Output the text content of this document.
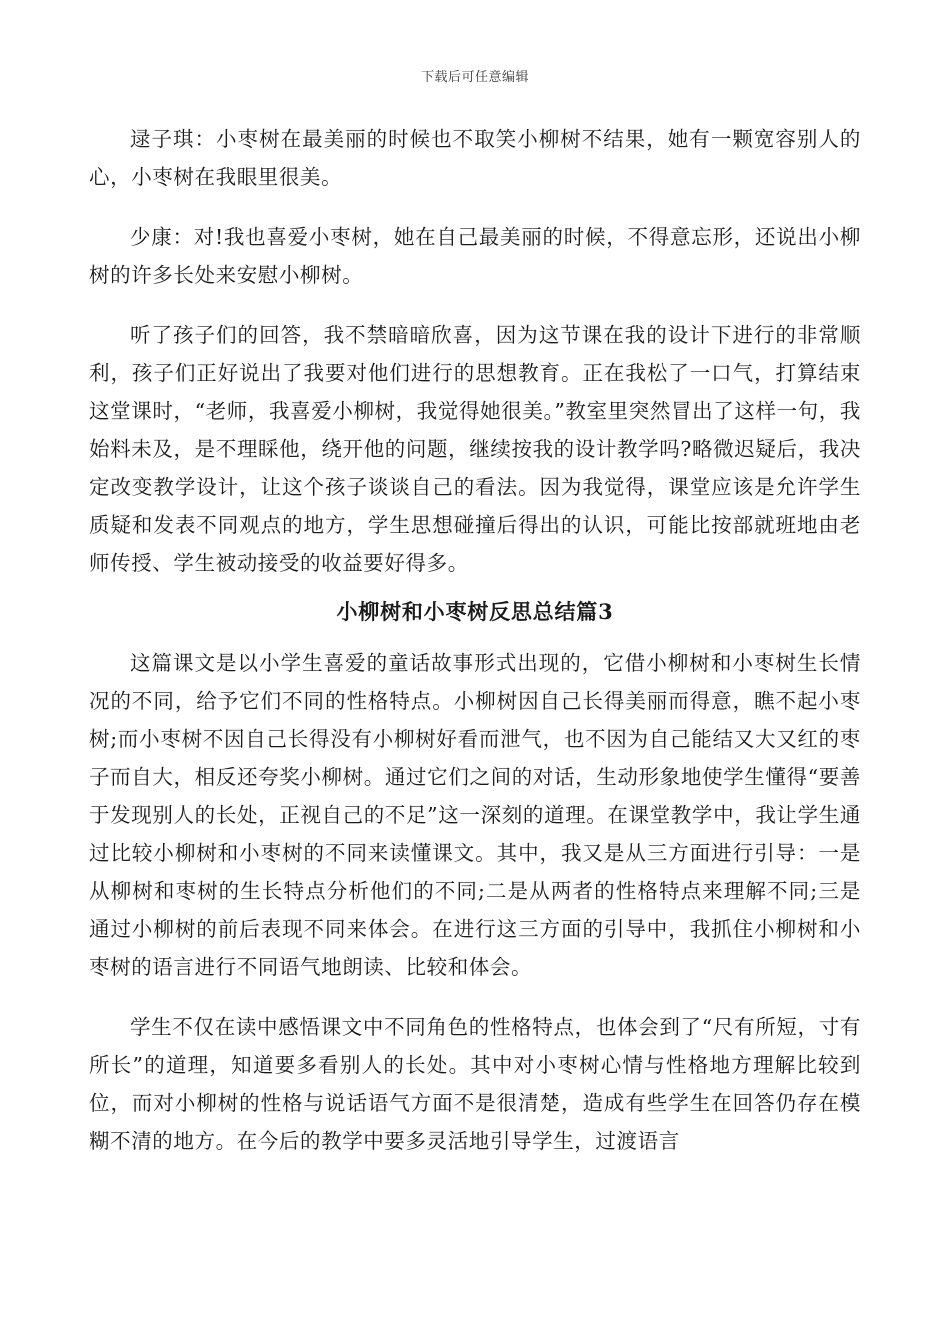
下载后可任意编辑

逯子琪：小枣树在最美丽的时候也不取笑小柳树不结果，她有一颗宽容别人的心，小枣树在我眼里很美。

少康：对!我也喜爱小枣树，她在自己最美丽的时候，不得意忘形，还说出小柳树的许多长处来安慰小柳树。

听了孩子们的回答，我不禁暗暗欣喜，因为这节课在我的设计下进行的非常顺利，孩子们正好说出了我要对他们进行的思想教育。正在我松了一口气，打算结束这堂课时，“老师，我喜爱小柳树，我觉得她很美。”教室里突然冒出了这样一句，我始料未及，是不理睬他，绕开他的问题，继续按我的设计教学吗?略微迟疑后，我决定改变教学设计，让这个孩子谈谈自己的看法。因为我觉得，课堂应该是允许学生质疑和发表不同观点的地方，学生思想碰撞后得出的认识，可能比按部就班地由老师传授、学生被动接受的收益要好得多。

小柳树和小枣树反思总结篇3

这篇课文是以小学生喜爱的童话故事形式出现的，它借小柳树和小枣树生长情况的不同，给予它们不同的性格特点。小柳树因自己长得美丽而得意，瞧不起小枣树;而小枣树不因自己长得没有小柳树好看而泄气，也不因为自己能结又大又红的枣子而自大，相反还夸奖小柳树。通过它们之间的对话，生动形象地使学生懂得“要善于发现别人的长处，正视自己的不足”这一深刻的道理。在课堂教学中，我让学生通过比较小柳树和小枣树的不同来读懂课文。其中，我又是从三方面进行引导：一是从柳树和枣树的生长特点分析他们的不同;二是从两者的性格特点来理解不同;三是通过小柳树的前后表现不同来体会。在进行这三方面的引导中，我抓住小柳树和小枣树的语言进行不同语气地朗读、比较和体会。

学生不仅在读中感悟课文中不同角色的性格特点，也体会到了“尺有所短，寸有所长”的道理，知道要多看别人的长处。其中对小枣树心情与性格地方理解比较到位，而对小柳树的性格与说话语气方面不是很清楚，造成有些学生在回答仍存在模糊不清的地方。在今后的教学中要多灵活地引导学生，过渡语言
